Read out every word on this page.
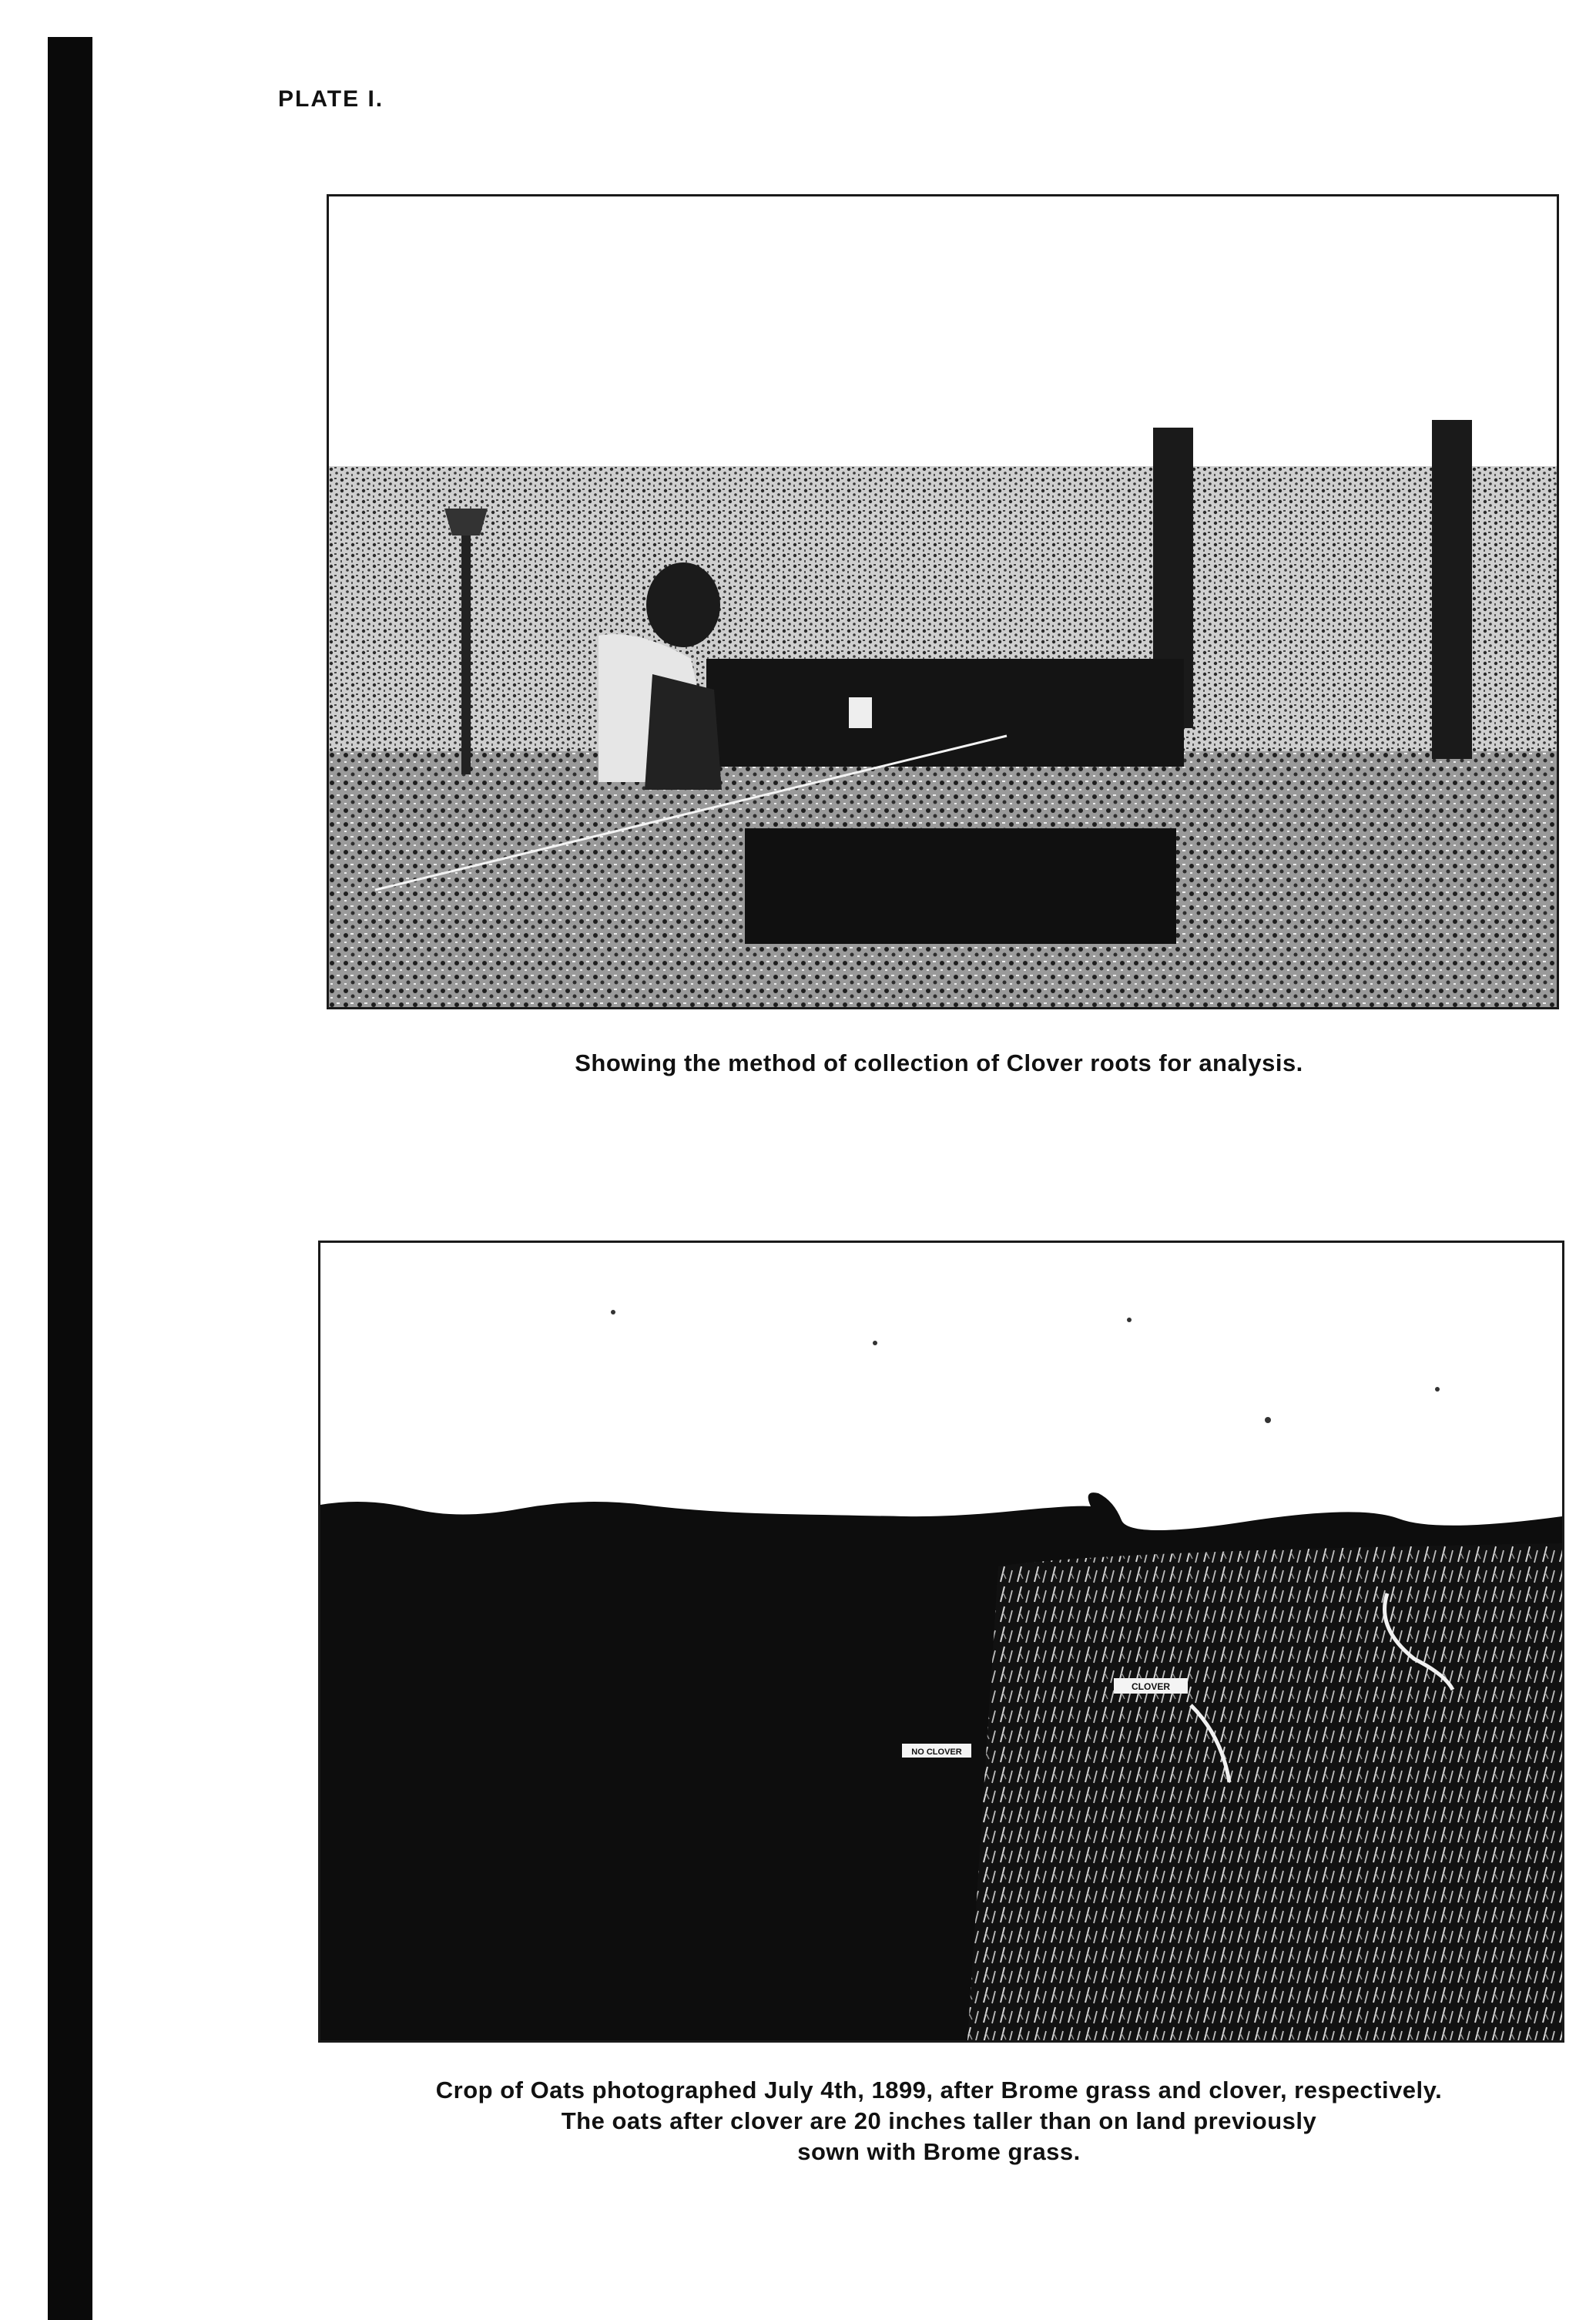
PLATE I.
Showing the method of collection of Clover roots for analysis.
CLOVER
NO CLOVER
Crop of Oats photographed July 4th, 1899, after Brome grass and clover, respectively.
The oats after clover are 20 inches taller than on land previously
sown with Brome grass.
